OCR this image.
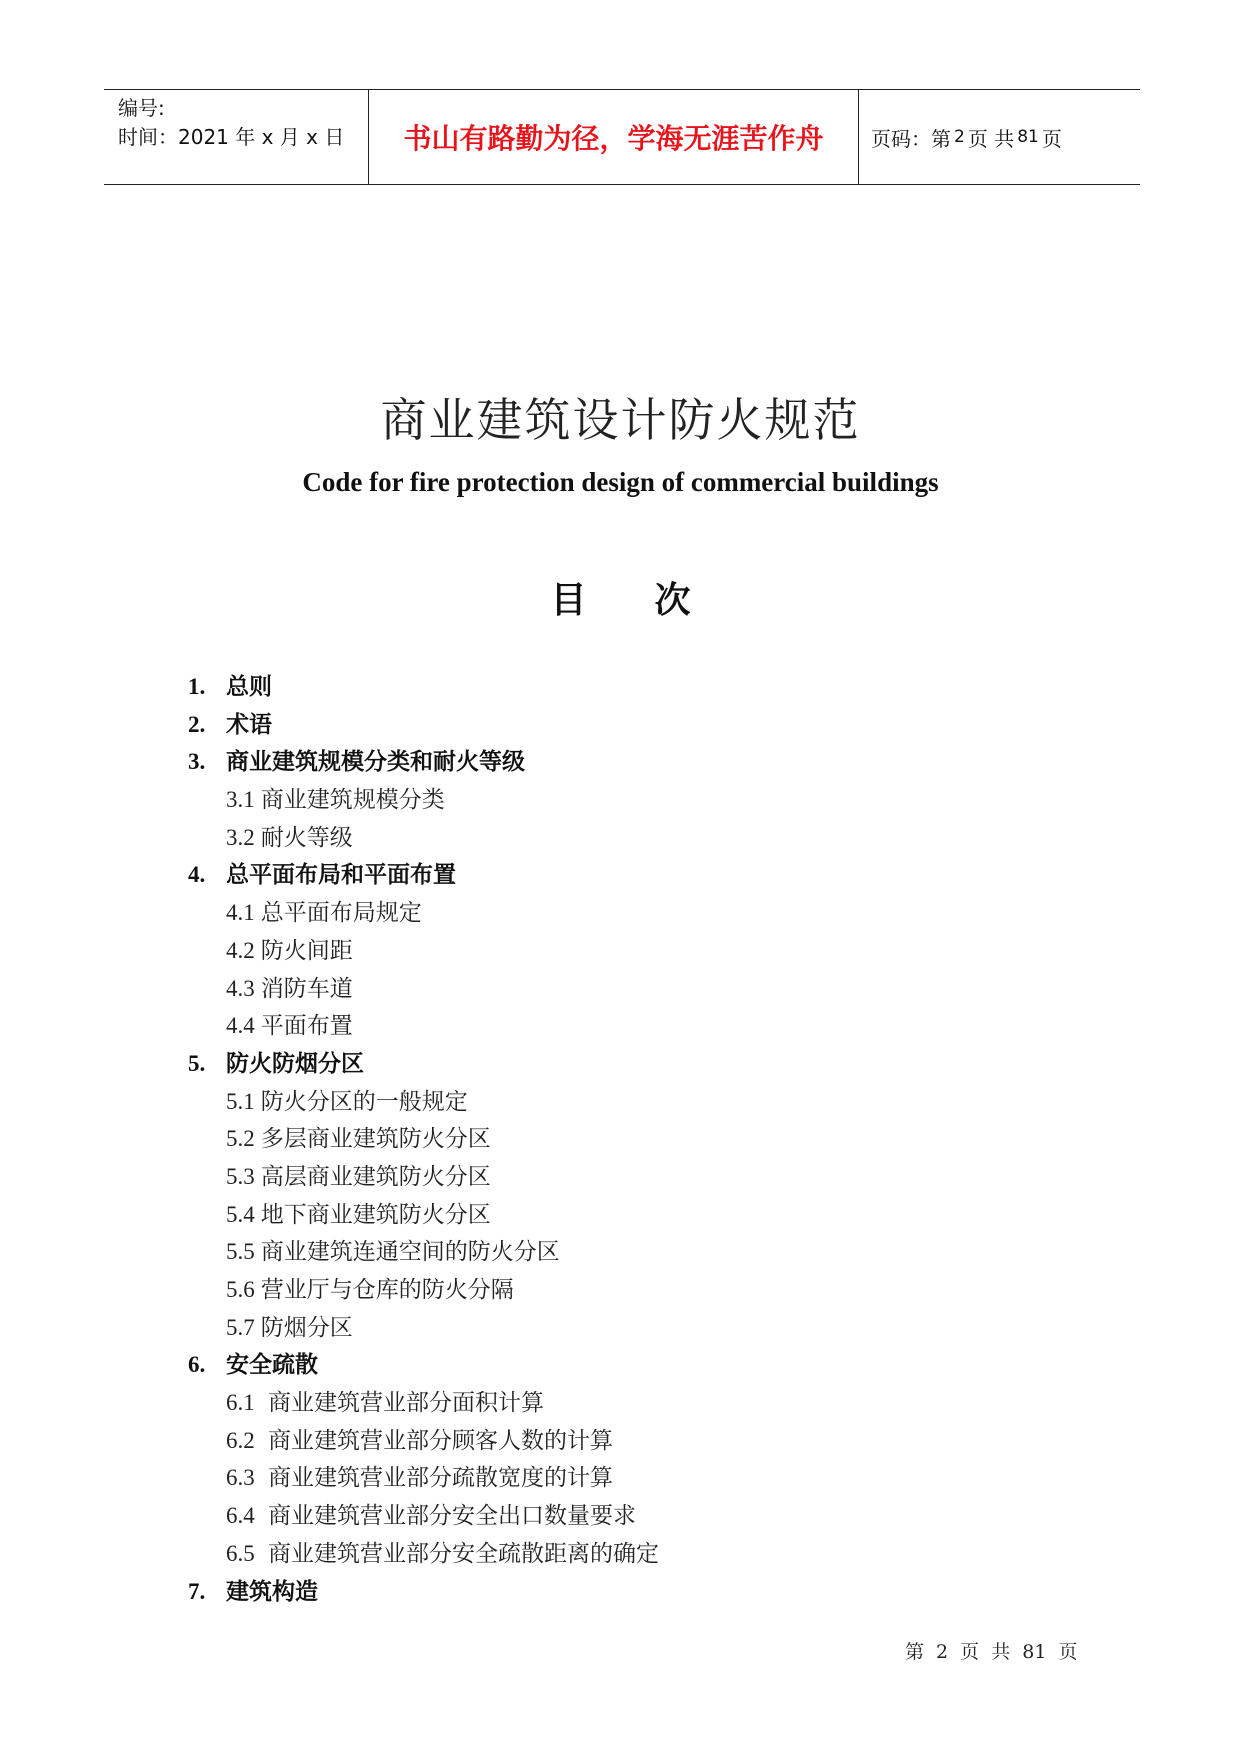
编号:
时间：2021 年 x 月 x 日	书山有路勤为径，学海无涯苦作舟	页码：第 2 页 共 81 页
商业建筑设计防火规范
Code for fire protection design of commercial buildings
目 次
1. 总则
2. 术语
3. 商业建筑规模分类和耐火等级
3.1 商业建筑规模分类
3.2 耐火等级
4. 总平面布局和平面布置
4.1 总平面布局规定
4.2 防火间距
4.3 消防车道
4.4 平面布置
5. 防火防烟分区
5.1 防火分区的一般规定
5.2 多层商业建筑防火分区
5.3 高层商业建筑防火分区
5.4 地下商业建筑防火分区
5.5 商业建筑连通空间的防火分区
5.6 营业厅与仓库的防火分隔
5.7 防烟分区
6. 安全疏散
6.1 商业建筑营业部分面积计算
6.2 商业建筑营业部分顾客人数的计算
6.3 商业建筑营业部分疏散宽度的计算
6.4 商业建筑营业部分安全出口数量要求
6.5 商业建筑营业部分安全疏散距离的确定
7. 建筑构造
第 2 页 共 81 页
